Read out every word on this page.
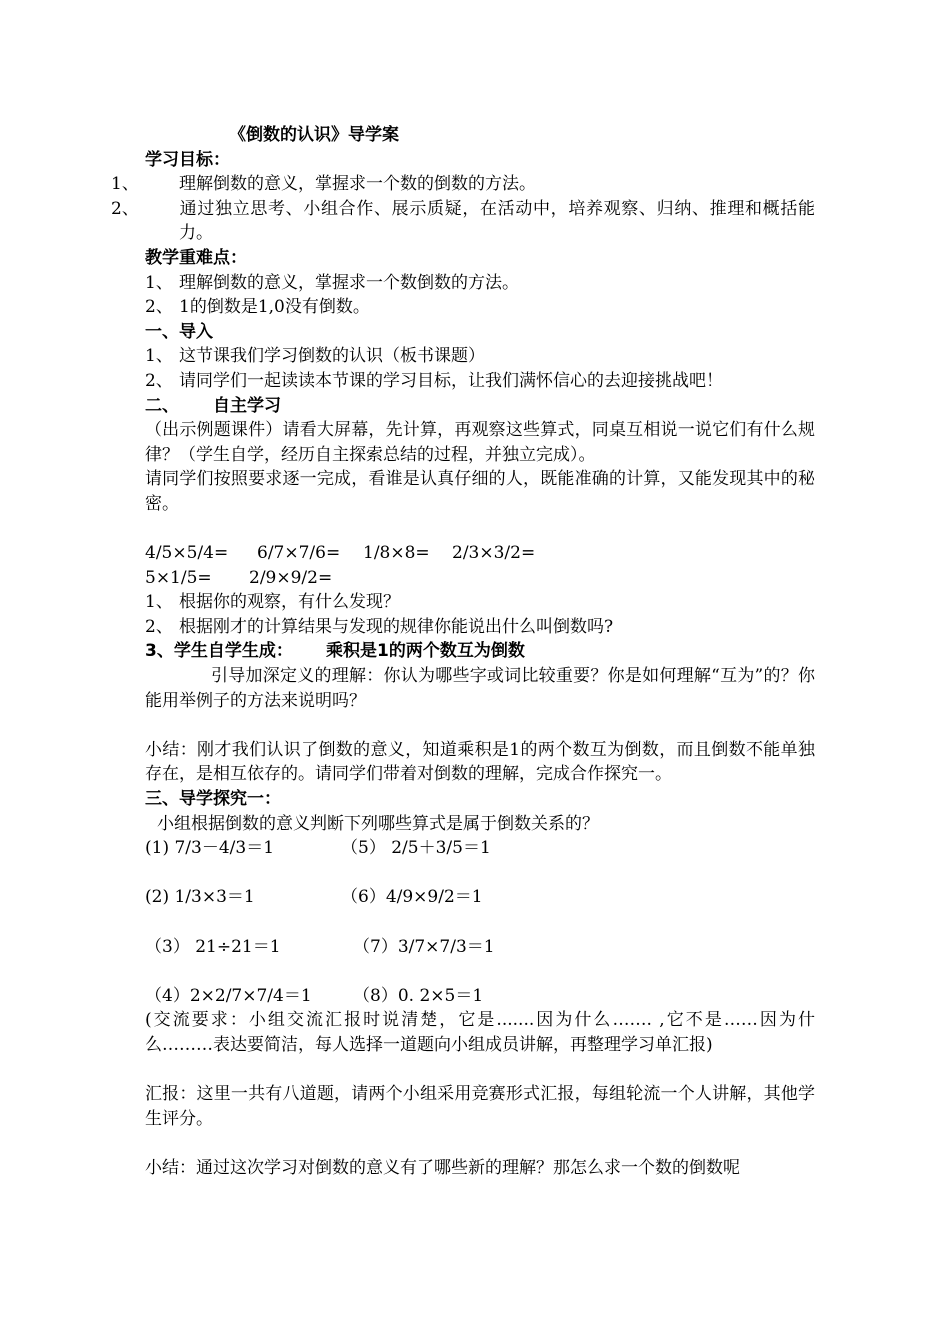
《倒数的认识》导学案
学习目标：
1、 理解倒数的意义，掌握求一个数的倒数的方法。
2、 通过独立思考、小组合作、展示质疑，在活动中，培养观察、归纳、推理和概括能力。
教学重难点：
1、 理解倒数的意义，掌握求一个数倒数的方法。
2、 1的倒数是1,0没有倒数。
一、导入
1、 这节课我们学习倒数的认识（板书课题）
2、 请同学们一起读读本节课的学习目标，让我们满怀信心的去迎接挑战吧！
二、 自主学习
（出示例题课件）请看大屏幕，先计算，再观察这些算式，同桌互相说一说它们有什么规律？（学生自学，经历自主探索总结的过程，并独立完成）。
请同学们按照要求逐一完成，看谁是认真仔细的人，既能准确的计算，又能发现其中的秘密。
4/5×5/4= 6/7×7/6= 1/8×8= 2/3×3/2=
5×1/5= 2/9×9/2=
1、 根据你的观察，有什么发现？
2、 根据刚才的计算结果与发现的规律你能说出什么叫倒数吗?
3、学生自学生成： 乘积是1的两个数互为倒数
引导加深定义的理解：你认为哪些字或词比较重要？你是如何理解“互为”的？你能用举例子的方法来说明吗？
小结：刚才我们认识了倒数的意义，知道乘积是1的两个数互为倒数，而且倒数不能单独存在，是相互依存的。请同学们带着对倒数的理解，完成合作探究一。
三、导学探究一：
小组根据倒数的意义判断下列哪些算式是属于倒数关系的？
(1) 7/3－4/3＝1	（5） 2/5＋3/5＝1
(2) 1/3×3＝1	（6）4/9×9/2＝1
（3） 21÷21＝1	（7）3/7×7/3＝1
（4）2×2/7×7/4＝1 （8）0. 2×5＝1
(交流要求：小组交流汇报时说清楚，它是.......因为什么……. ,它不是……因为什么………表达要简洁，每人选择一道题向小组成员讲解，再整理学习单汇报)
汇报：这里一共有八道题，请两个小组采用竞赛形式汇报，每组轮流一个人讲解，其他学生评分。
小结：通过这次学习对倒数的意义有了哪些新的理解？那怎么求一个数的倒数呢
